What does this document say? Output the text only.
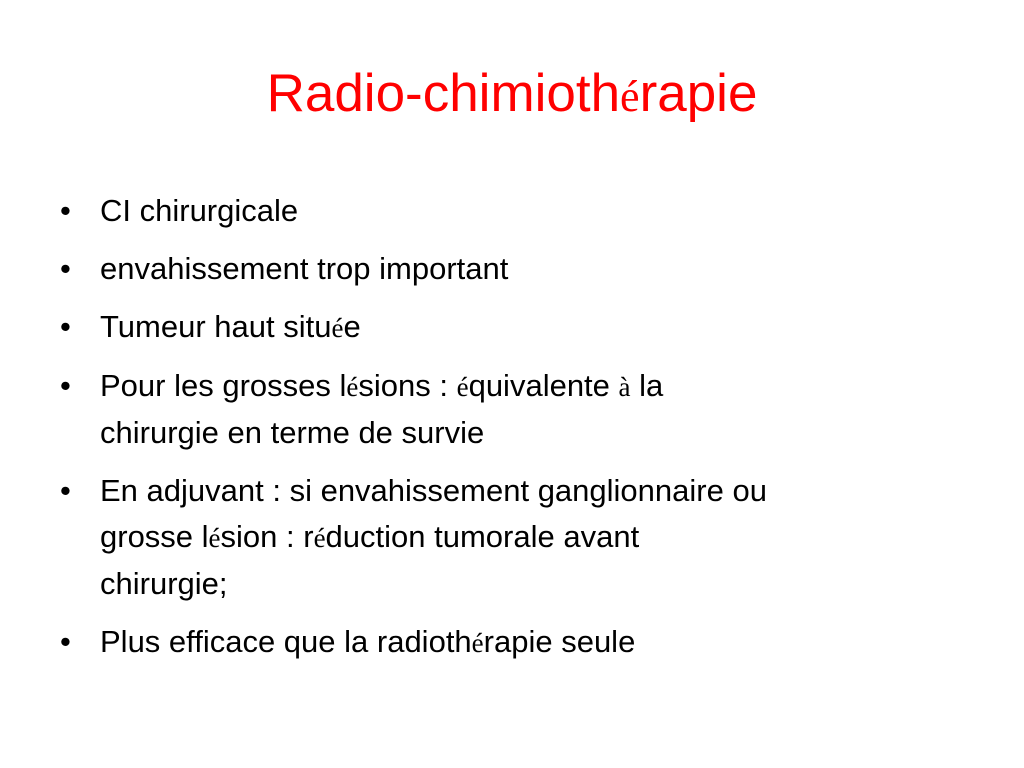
Radio-chimiothérapie
• CI chirurgicale
• envahissement trop important
• Tumeur haut située
• Pour les grosses lésions : équivalente à la
chirurgie en terme de survie
• En adjuvant : si envahissement ganglionnaire ou
grosse lésion : réduction tumorale avant
chirurgie;
• Plus efficace que la radiothérapie seule
